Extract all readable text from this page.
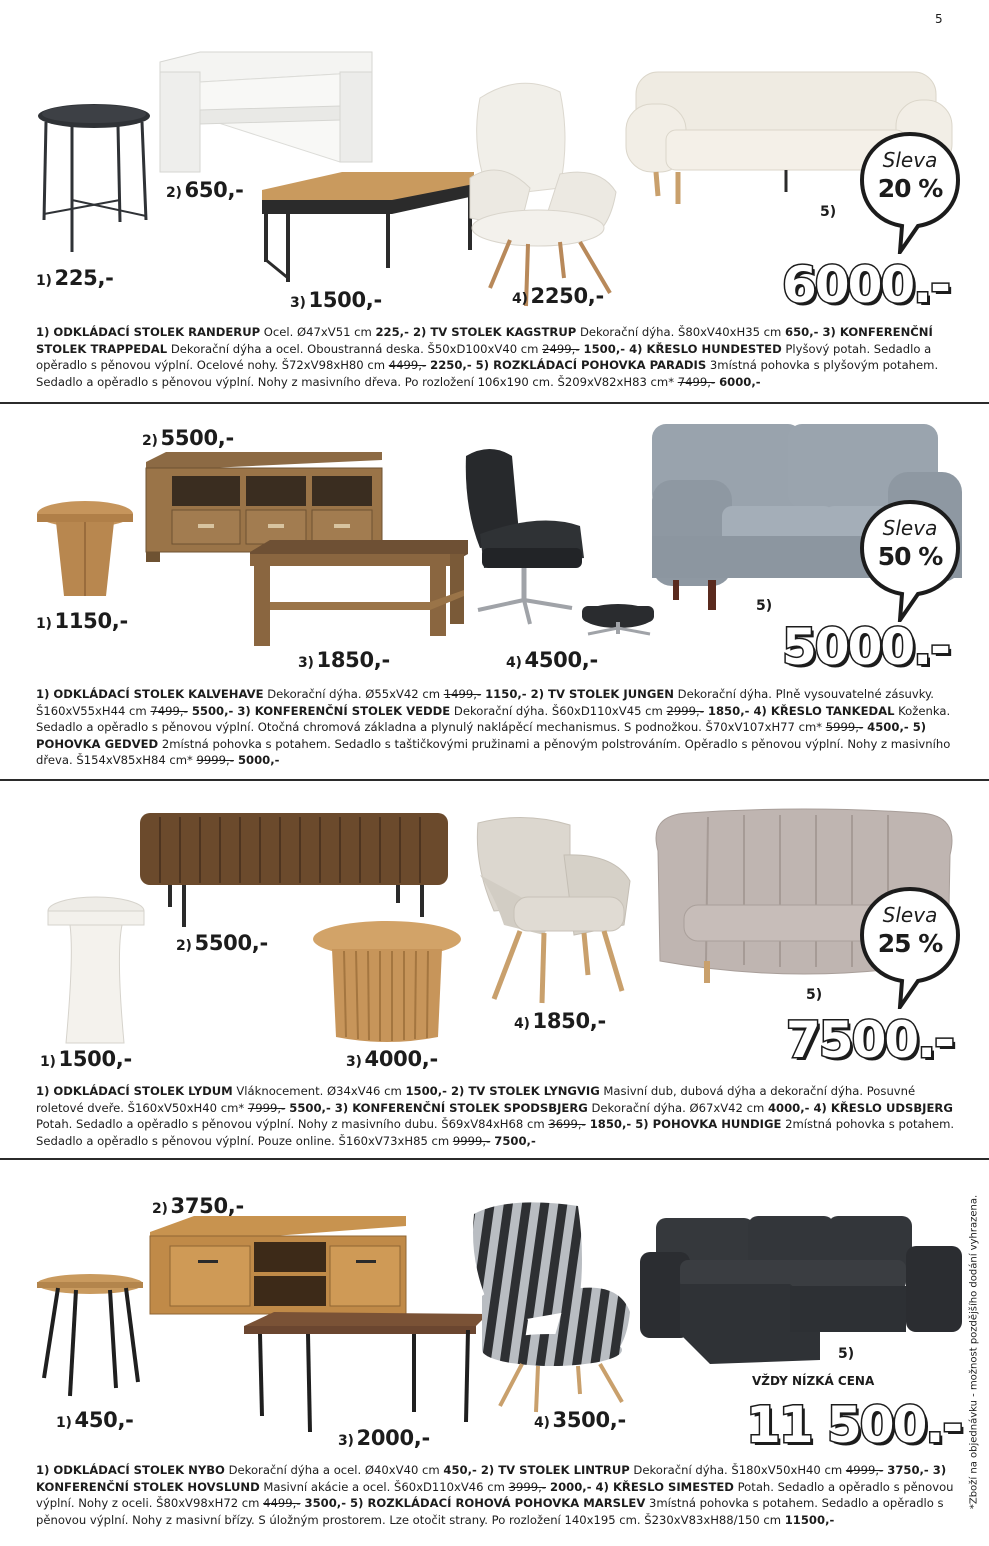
5
Sleva
20 %
1) 225,-
2) 650,-
3) 1500,-	4) 2250,-
5)
6000.-
1) ODKLÁDACÍ STOLEK RANDERUP Ocel. Ø47xV51 cm 225,- 2) TV STOLEK KAGSTRUP Dekorační dýha. Š80xV40xH35 cm 650,- 3) KONFERENČNÍ STOLEK TRAPPEDAL Dekorační dýha a ocel. Oboustranná deska. Š50xD100xV40 cm 2499,- 1500,- 4) KŘESLO HUNDESTED Plyšový potah. Sedadlo a opěradlo s pěnovou výplní. Ocelové nohy. Š72xV98xH80 cm 4499,- 2250,- 5) ROZKLÁDACÍ POHOVKA PARADIS 3místná pohovka s plyšovým potahem. Sedadlo a opěradlo s pěnovou výplní. Nohy z masivního dřeva. Po rozložení 106x190 cm. Š209xV82xH83 cm* 7499,- 6000,-
Sleva
50 %
1) 1150,-
2) 5500,-
3) 1850,-	4) 4500,-
5)
5000.-
1) ODKLÁDACÍ STOLEK KALVEHAVE Dekorační dýha. Ø55xV42 cm 1499,- 1150,- 2) TV STOLEK JUNGEN Dekorační dýha. Plně vysouvatelné zásuvky. Š160xV55xH44 cm 7499,- 5500,- 3) KONFERENČNÍ STOLEK VEDDE Dekorační dýha. Š60xD110xV45 cm 2999,- 1850,- 4) KŘESLO TANKEDAL Koženka. Sedadlo a opěradlo s pěnovou výplní. Otočná chromová základna a plynulý naklápěcí mechanismus. S podnožkou. Š70xV107xH77 cm* 5999,- 4500,- 5) POHOVKA GEDVED 2místná pohovka s potahem. Sedadlo s taštičkovými pružinami a pěnovým polstrováním. Opěradlo s pěnovou výplní. Nohy z masivního dřeva. Š154xV85xH84 cm* 9999,- 5000,-
Sleva
25 %
1) 1500,-
2) 5500,-
3) 4000,-
4) 1850,-
5)
7500.-
1) ODKLÁDACÍ STOLEK LYDUM Vláknocement. Ø34xV46 cm 1500,- 2) TV STOLEK LYNGVIG Masivní dub, dubová dýha a dekorační dýha. Posuvné roletové dveře. Š160xV50xH40 cm* 7999,- 5500,- 3) KONFERENČNÍ STOLEK SPODSBJERG Dekorační dýha. Ø67xV42 cm 4000,- 4) KŘESLO UDSBJERG Potah. Sedadlo a opěradlo s pěnovou výplní. Nohy z masivního dubu. Š69xV84xH68 cm 3699,- 1850,- 5) POHOVKA HUNDIGE 2místná pohovka s potahem. Sedadlo a opěradlo s pěnovou výplní. Pouze online. Š160xV73xH85 cm 9999,- 7500,-
1) 450,-
2) 3750,-
3) 2000,-
4) 3500,-
5)
VŽDY NÍZKÁ CENA
11 500.-
1) ODKLÁDACÍ STOLEK NYBO Dekorační dýha a ocel. Ø40xV40 cm 450,- 2) TV STOLEK LINTRUP Dekorační dýha. Š180xV50xH40 cm 4999,- 3750,- 3) KONFERENČNÍ STOLEK HOVSLUND Masivní akácie a ocel. Š60xD110xV46 cm 3999,- 2000,- 4) KŘESLO SIMESTED Potah. Sedadlo a opěradlo s pěnovou výplní. Nohy z oceli. Š80xV98xH72 cm 4499,- 3500,- 5) ROZKLÁDACÍ ROHOVÁ POHOVKA MARSLEV 3místná pohovka s potahem. Sedadlo a opěradlo s pěnovou výplní. Nohy z masivní břízy. S úložným prostorem. Lze otočit strany. Po rozložení 140x195 cm. Š230xV83xH88/150 cm 11500,-
*Zboží na objednávku - možnost pozdějšího dodání vyhrazena.
